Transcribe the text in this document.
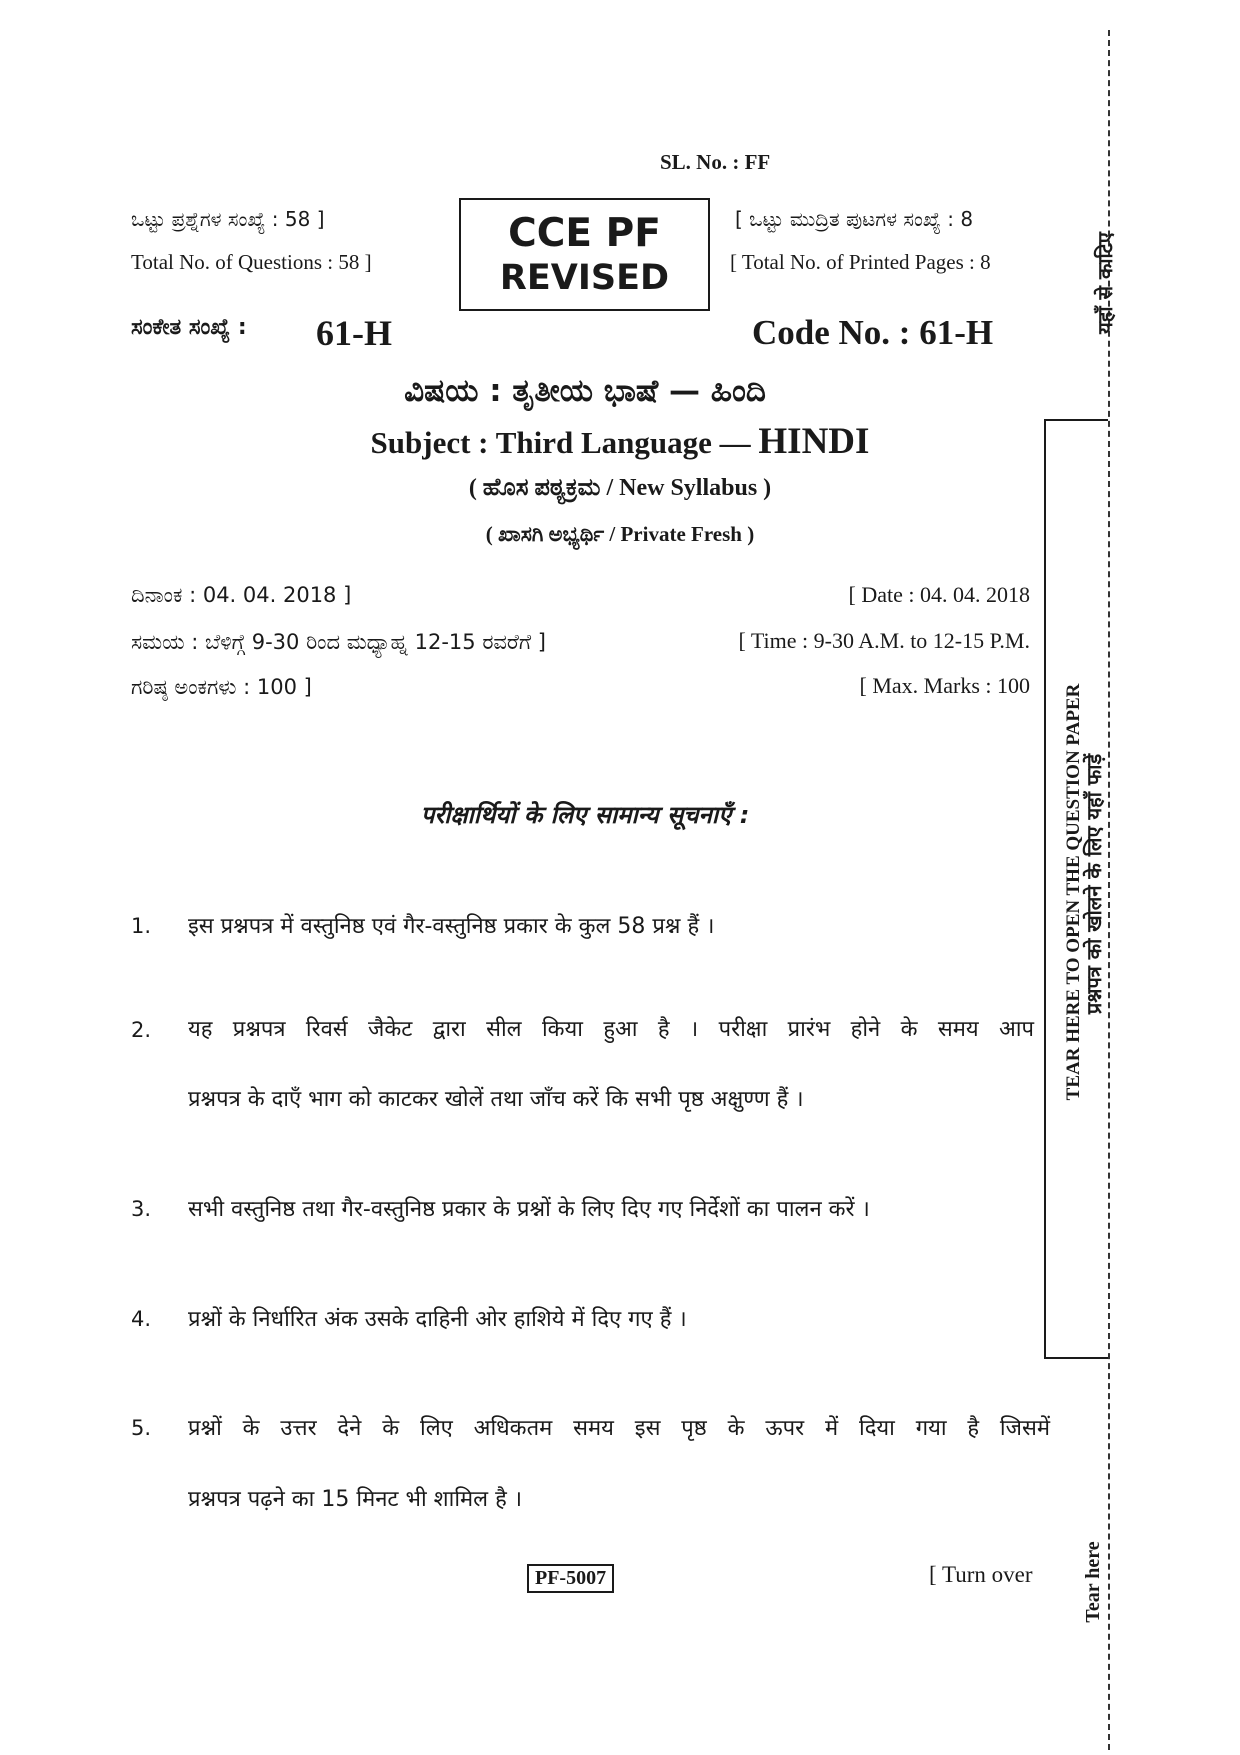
SL. No. : FF
ಒಟ್ಟು ಪ್ರಶ್ನೆಗಳ ಸಂಖ್ಯೆ : 58 ]
Total No. of Questions : 58 ]
[ ಒಟ್ಟು ಮುದ್ರಿತ ಪುಟಗಳ ಸಂಖ್ಯೆ : 8
[ Total No. of Printed Pages : 8
CCE PF
REVISED
ಸಂಕೇತ ಸಂಖ್ಯೆ : 61-H	Code No. : 61-H
ವಿಷಯ : ತೃತೀಯ ಭಾಷೆ — ಹಿಂದಿ
Subject : Third Language — HINDI
( ಹೊಸ ಪಠ್ಯಕ್ರಮ / New Syllabus )
( ಖಾಸಗಿ ಅಭ್ಯರ್ಥಿ / Private Fresh )
ದಿನಾಂಕ : 04. 04. 2018 ]	[ Date : 04. 04. 2018
ಸಮಯ : ಬೆಳಿಗ್ಗೆ 9-30 ರಿಂದ ಮಧ್ಯಾಹ್ನ 12-15 ರವರೆಗೆ ]	[ Time : 9-30 A.M. to 12-15 P.M.
ಗರಿಷ್ಠ ಅಂಕಗಳು : 100 ]	[ Max. Marks : 100
परीक्षार्थियों के लिए सामान्य सूचनाएँ :
1. इस प्रश्नपत्र में वस्तुनिष्ठ एवं गैर-वस्तुनिष्ठ प्रकार के कुल 58 प्रश्न हैं ।
2. यह प्रश्नपत्र रिवर्स जैकेट द्वारा सील किया हुआ है । परीक्षा प्रारंभ होने के समय आप
प्रश्नपत्र के दाएँ भाग को काटकर खोलें तथा जाँच करें कि सभी पृष्ठ अक्षुण्ण हैं ।
3. सभी वस्तुनिष्ठ तथा गैर-वस्तुनिष्ठ प्रकार के प्रश्नों के लिए दिए गए निर्देशों का पालन करें ।
4. प्रश्नों के निर्धारित अंक उसके दाहिनी ओर हाशिये में दिए गए हैं ।
5. प्रश्नों के उत्तर देने के लिए अधिकतम समय इस पृष्ठ के ऊपर में दिया गया है जिसमें
प्रश्नपत्र पढ़ने का 15 मिनट भी शामिल है ।
PF-5007	[ Turn over
यहाँ से काटिए
TEAR HERE TO OPEN THE QUESTION PAPER
प्रश्नपत्र को खोलने के लिए यहाँ फाड़ें
Tear here
